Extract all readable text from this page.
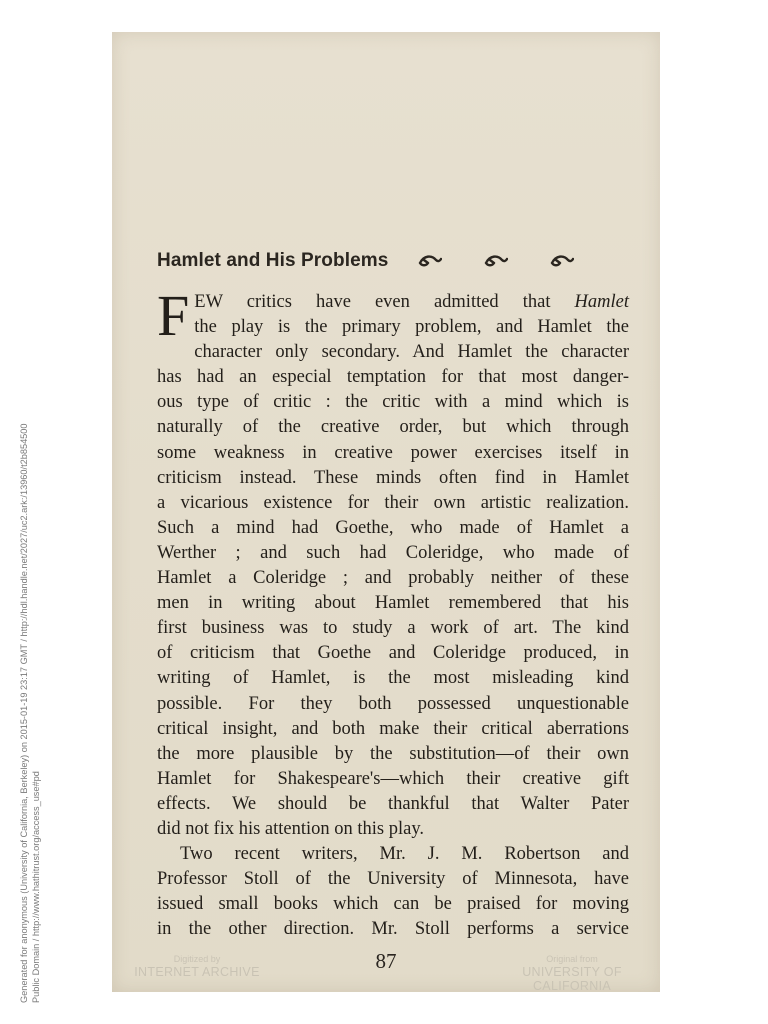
Generated for anonymous (University of California, Berkeley) on 2015-01-19 23:17 GMT / http://hdl.handle.net/2027/uc2.ark:/13960/t2b854500 Public Domain / http://www.hathitrust.org/access_use#pd
Hamlet and His Problems
F EW critics have even admitted that Hamlet
the play is the primary problem, and Hamlet the
character only secondary. And Hamlet the character
has had an especial temptation for that most danger-
ous type of critic : the critic with a mind which is
naturally of the creative order, but which through
some weakness in creative power exercises itself in
criticism instead. These minds often find in Hamlet
a vicarious existence for their own artistic realization.
Such a mind had Goethe, who made of Hamlet a
Werther ; and such had Coleridge, who made of
Hamlet a Coleridge ; and probably neither of these
men in writing about Hamlet remembered that his
first business was to study a work of art. The kind
of criticism that Goethe and Coleridge produced, in
writing of Hamlet, is the most misleading kind
possible. For they both possessed unquestionable
critical insight, and both make their critical aberrations
the more plausible by the substitution—of their own
Hamlet for Shakespeare's—which their creative gift
effects. We should be thankful that Walter Pater
did not fix his attention on this play.
Two recent writers, Mr. J. M. Robertson and
Professor Stoll of the University of Minnesota, have
issued small books which can be praised for moving
in the other direction. Mr. Stoll performs a service
Digitized by
INTERNET ARCHIVE	87	Original from
UNIVERSITY OF CALIFORNIA
